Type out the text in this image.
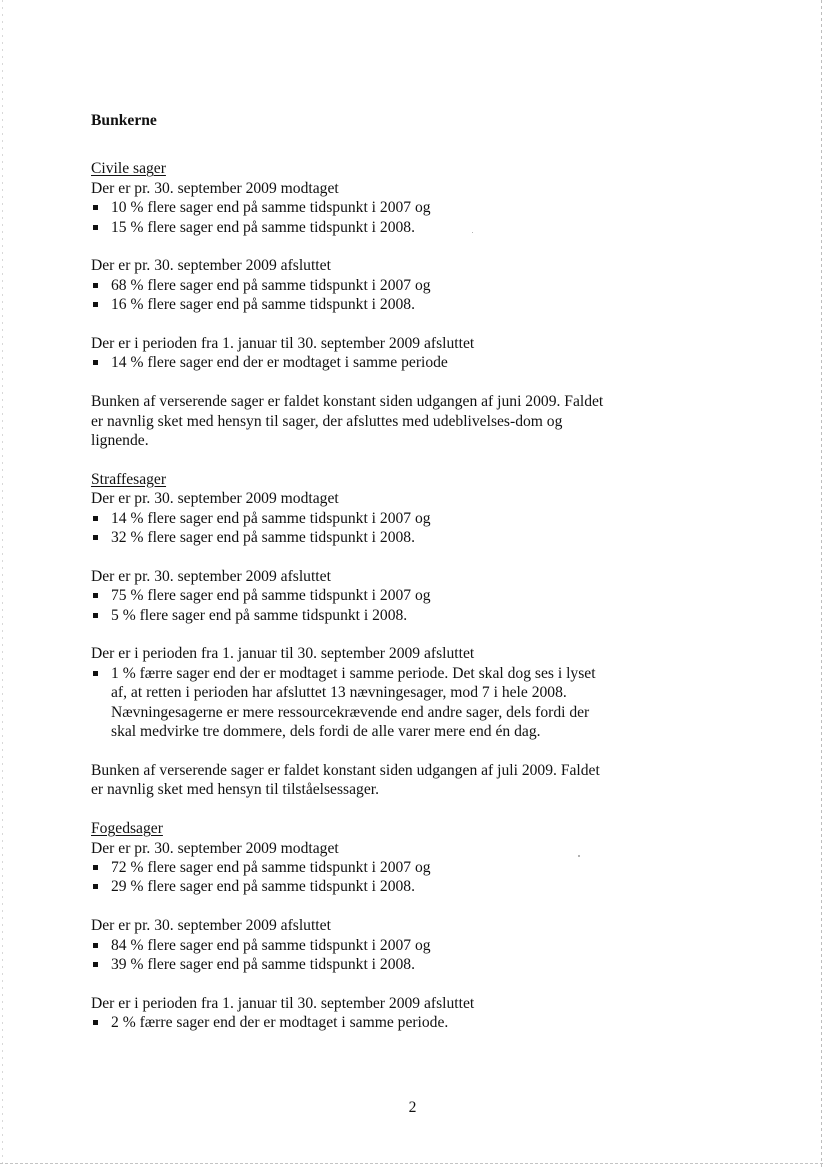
Bunkerne

Civile sager

Der er pr. 30. september 2009 modtaget

10 % flere sager end på samme tidspunkt i 2007 og
15 % flere sager end på samme tidspunkt i 2008.

Der er pr. 30. september 2009 afsluttet

68 % flere sager end på samme tidspunkt i 2007 og
16 % flere sager end på samme tidspunkt i 2008.

Der er i perioden fra 1. januar til 30. september 2009 afsluttet

14 % flere sager end der er modtaget i samme periode

Bunken af verserende sager er faldet konstant siden udgangen af juni 2009. Faldet er navnlig sket med hensyn til sager, der afsluttes med udeblivelses-dom og lignende.

Straffesager

Der er pr. 30. september 2009 modtaget

14 % flere sager end på samme tidspunkt i 2007 og
32 % flere sager end på samme tidspunkt i 2008.

Der er pr. 30. september 2009 afsluttet

75 % flere sager end på samme tidspunkt i 2007 og
5 % flere sager end på samme tidspunkt i 2008.

Der er i perioden fra 1. januar til 30. september 2009 afsluttet

1 % færre sager end der er modtaget i samme periode. Det skal dog ses i lyset af, at retten i perioden har afsluttet 13 nævningesager, mod 7 i hele 2008. Nævningesagerne er mere ressourcekrævende end andre sager, dels fordi der skal medvirke tre dommere, dels fordi de alle varer mere end én dag.

Bunken af verserende sager er faldet konstant siden udgangen af juli 2009. Faldet er navnlig sket med hensyn til tilståelsessager.

Fogedsager

Der er pr. 30. september 2009 modtaget

72 % flere sager end på samme tidspunkt i 2007 og
29 % flere sager end på samme tidspunkt i 2008.

Der er pr. 30. september 2009 afsluttet

84 % flere sager end på samme tidspunkt i 2007 og
39 % flere sager end på samme tidspunkt i 2008.

Der er i perioden fra 1. januar til 30. september 2009 afsluttet

2 % færre sager end der er modtaget i samme periode.
2
